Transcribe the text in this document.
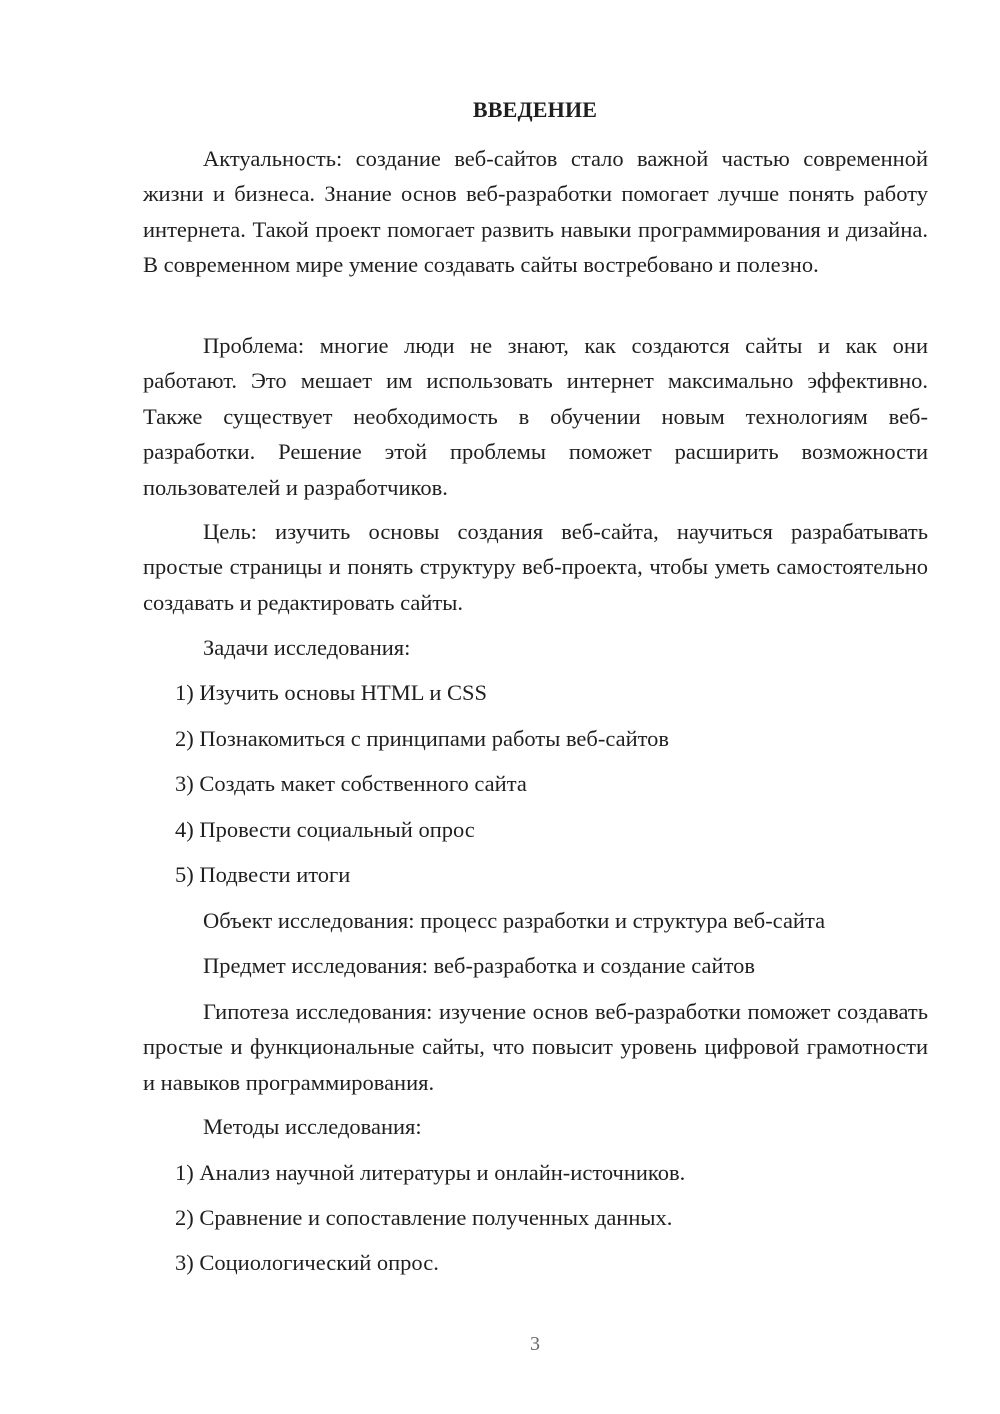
ВВЕДЕНИЕ

Актуальность: создание веб-сайтов стало важной частью современной жизни и бизнеса. Знание основ веб-разработки помогает лучше понять работу интернета. Такой проект помогает развить навыки программирования и дизайна. В современном мире умение создавать сайты востребовано и полезно.

Проблема: многие люди не знают, как создаются сайты и как они работают. Это мешает им использовать интернет максимально эффективно. Также существует необходимость в обучении новым технологиям веб-разработки. Решение этой проблемы поможет расширить возможности пользователей и разработчиков.

Цель: изучить основы создания веб-сайта, научиться разрабатывать простые страницы и понять структуру веб-проекта, чтобы уметь самостоятельно создавать и редактировать сайты.

Задачи исследования:

1) Изучить основы HTML и CSS

2) Познакомиться с принципами работы веб-сайтов

3) Создать макет собственного сайта

4) Провести социальный опрос

5) Подвести итоги

Объект исследования: процесс разработки и структура веб-сайта

Предмет исследования: веб-разработка и создание сайтов

Гипотеза исследования: изучение основ веб-разработки поможет создавать простые и функциональные сайты, что повысит уровень цифровой грамотности и навыков программирования.

Методы исследования:

1) Анализ научной литературы и онлайн-источников.

2) Сравнение и сопоставление полученных данных.

3) Социологический опрос.

3
